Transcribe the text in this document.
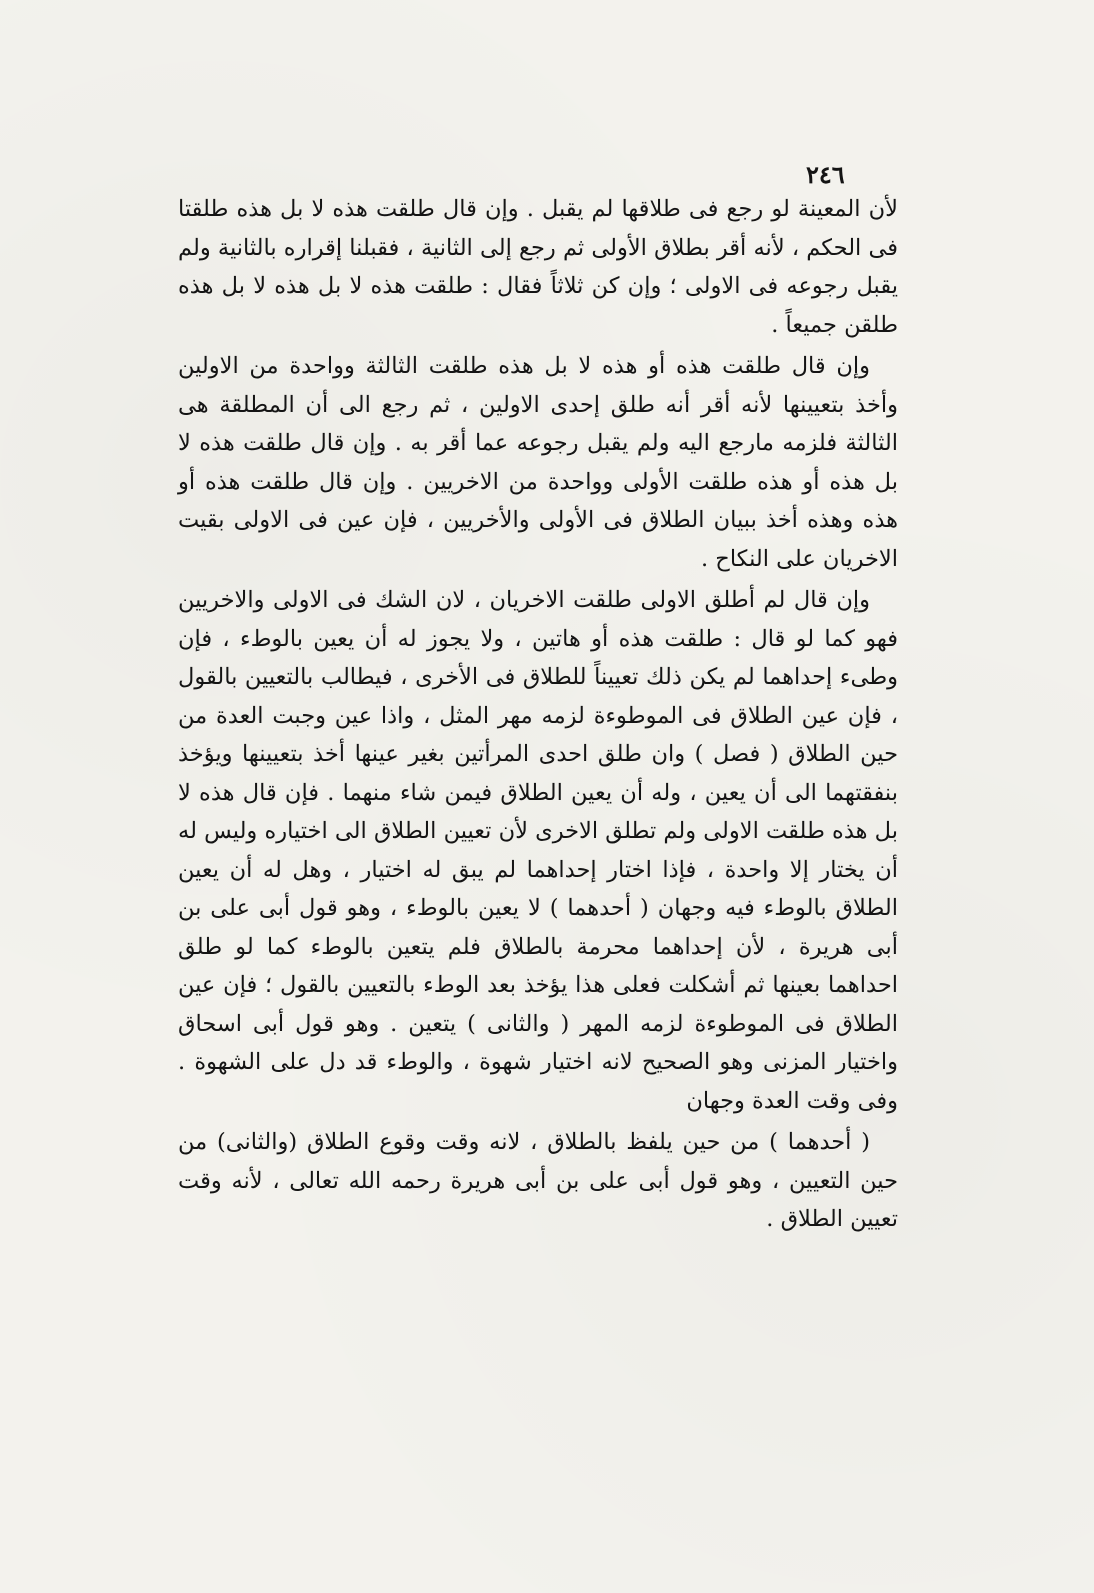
٢٤٦

لأن المعينة لو رجع فى طلاقها لم يقبل . وإن قال طلقت هذه لا بل هذه طلقتا فى الحكم ، لأنه أقر بطلاق الأولى ثم رجع إلى الثانية ، فقبلنا إقراره بالثانية ولم يقبل رجوعه فى الاولى ؛ وإن كن ثلاثاً فقال : طلقت هذه لا بل هذه لا بل هذه طلقن جميعاً .

وإن قال طلقت هذه أو هذه لا بل هذه طلقت الثالثة وواحدة من الاولين وأخذ بتعيينها لأنه أقر أنه طلق إحدى الاولين ، ثم رجع الى أن المطلقة هى الثالثة فلزمه مارجع اليه ولم يقبل رجوعه عما أقر به . وإن قال طلقت هذه لا بل هذه أو هذه طلقت الأولى وواحدة من الاخريين . وإن قال طلقت هذه أو هذه وهذه أخذ ببيان الطلاق فى الأولى والأخريين ، فإن عين فى الاولى بقيت الاخريان على النكاح .

وإن قال لم أطلق الاولى طلقت الاخريان ، لان الشك فى الاولى والاخريين فهو كما لو قال : طلقت هذه أو هاتين ، ولا يجوز له أن يعين بالوطء ، فإن وطىء إحداهما لم يكن ذلك تعييناً للطلاق فى الأخرى ، فيطالب بالتعيين بالقول ، فإن عين الطلاق فى الموطوءة لزمه مهر المثل ، واذا عين وجبت العدة من حين الطلاق ( فصل ) وان طلق احدى المرأتين بغير عينها أخذ بتعيينها ويؤخذ بنفقتهما الى أن يعين ، وله أن يعين الطلاق فيمن شاء منهما . فإن قال هذه لا بل هذه طلقت الاولى ولم تطلق الاخرى لأن تعيين الطلاق الى اختياره وليس له أن يختار إلا واحدة ، فإذا اختار إحداهما لم يبق له اختيار ، وهل له أن يعين الطلاق بالوطء فيه وجهان ( أحدهما ) لا يعين بالوطء ، وهو قول أبى على بن أبى هريرة ، لأن إحداهما محرمة بالطلاق فلم يتعين بالوطء كما لو طلق احداهما بعينها ثم أشكلت فعلى هذا يؤخذ بعد الوطء بالتعيين بالقول ؛ فإن عين الطلاق فى الموطوءة لزمه المهر ( والثانى ) يتعين . وهو قول أبى اسحاق واختيار المزنى وهو الصحيح لانه اختيار شهوة ، والوطء قد دل على الشهوة . وفى وقت العدة وجهان

( أحدهما ) من حين يلفظ بالطلاق ، لانه وقت وقوع الطلاق (والثانى) من حين التعيين ، وهو قول أبى على بن أبى هريرة رحمه الله تعالى ، لأنه وقت تعيين الطلاق .
